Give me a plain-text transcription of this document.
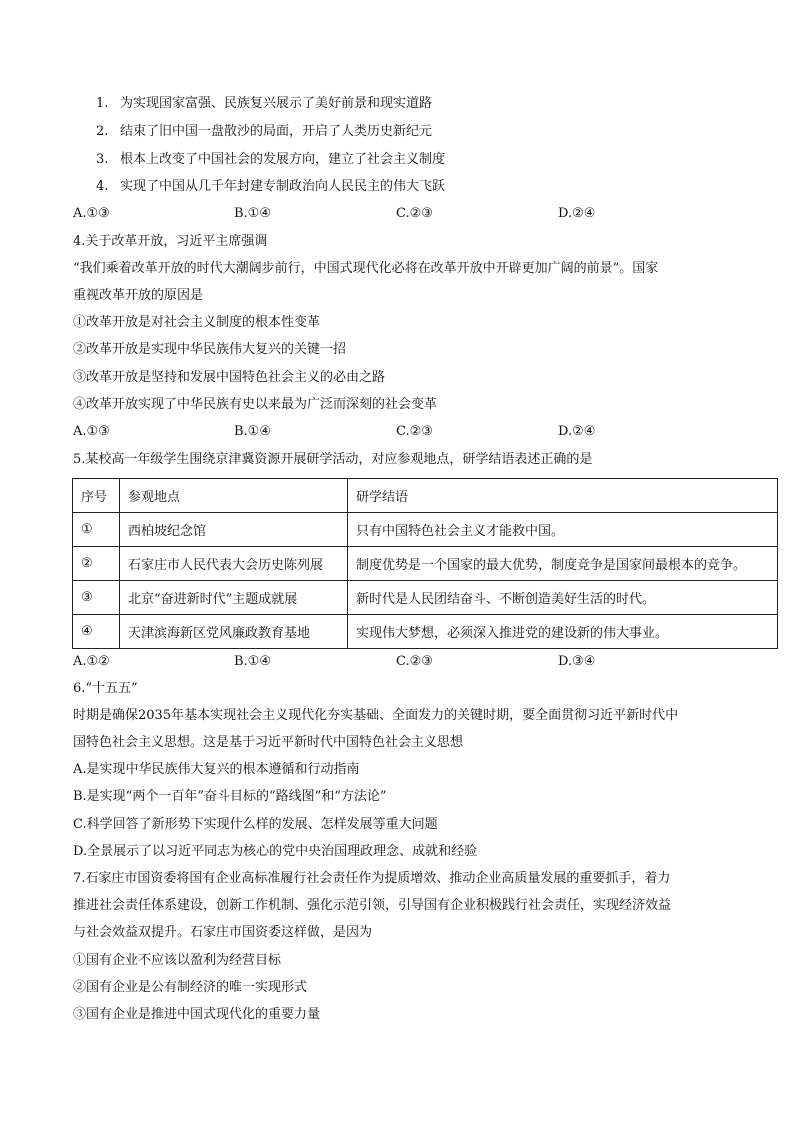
1. 为实现国家富强、民族复兴展示了美好前景和现实道路
2. 结束了旧中国一盘散沙的局面，开启了人类历史新纪元
3. 根本上改变了中国社会的发展方向，建立了社会主义制度
4. 实现了中国从几千年封建专制政治向人民民主的伟大飞跃
A.①③	B.①④	C.②③	D.②④
4.关于改革开放，习近平主席强调
“我们乘着改革开放的时代大潮阔步前行，中国式现代化必将在改革开放中开辟更加广阔的前景”。国家
重视改革开放的原因是
①改革开放是对社会主义制度的根本性变革
②改革开放是实现中华民族伟大复兴的关键一招
③改革开放是坚持和发展中国特色社会主义的必由之路
④改革开放实现了中华民族有史以来最为广泛而深刻的社会变革
A.①③	B.①④	C.②③	D.②④
5.某校高一年级学生围绕京津冀资源开展研学活动，对应参观地点，研学结语表述正确的是
序号	参观地点	研学结语
①	西柏坡纪念馆	只有中国特色社会主义才能救中国。
②	石家庄市人民代表大会历史陈列展	制度优势是一个国家的最大优势，制度竞争是国家间最根本的竞争。
③	北京“奋进新时代”主题成就展	新时代是人民团结奋斗、不断创造美好生活的时代。
④	天津滨海新区党风廉政教育基地	实现伟大梦想，必须深入推进党的建设新的伟大事业。
A.①②	B.①④	C.②③	D.③④
6.“十五五”
时期是确保2035年基本实现社会主义现代化夯实基础、全面发力的关键时期，要全面贯彻习近平新时代中
国特色社会主义思想。这是基于习近平新时代中国特色社会主义思想
A.是实现中华民族伟大复兴的根本遵循和行动指南
B.是实现“两个一百年”奋斗目标的“路线图”和“方法论”
C.科学回答了新形势下实现什么样的发展、怎样发展等重大问题
D.全景展示了以习近平同志为核心的党中央治国理政理念、成就和经验
7.石家庄市国资委将国有企业高标准履行社会责任作为提质增效、推动企业高质量发展的重要抓手，着力
推进社会责任体系建设，创新工作机制、强化示范引领，引导国有企业积极践行社会责任，实现经济效益
与社会效益双提升。石家庄市国资委这样做，是因为
①国有企业不应该以盈利为经营目标
②国有企业是公有制经济的唯一实现形式
③国有企业是推进中国式现代化的重要力量
